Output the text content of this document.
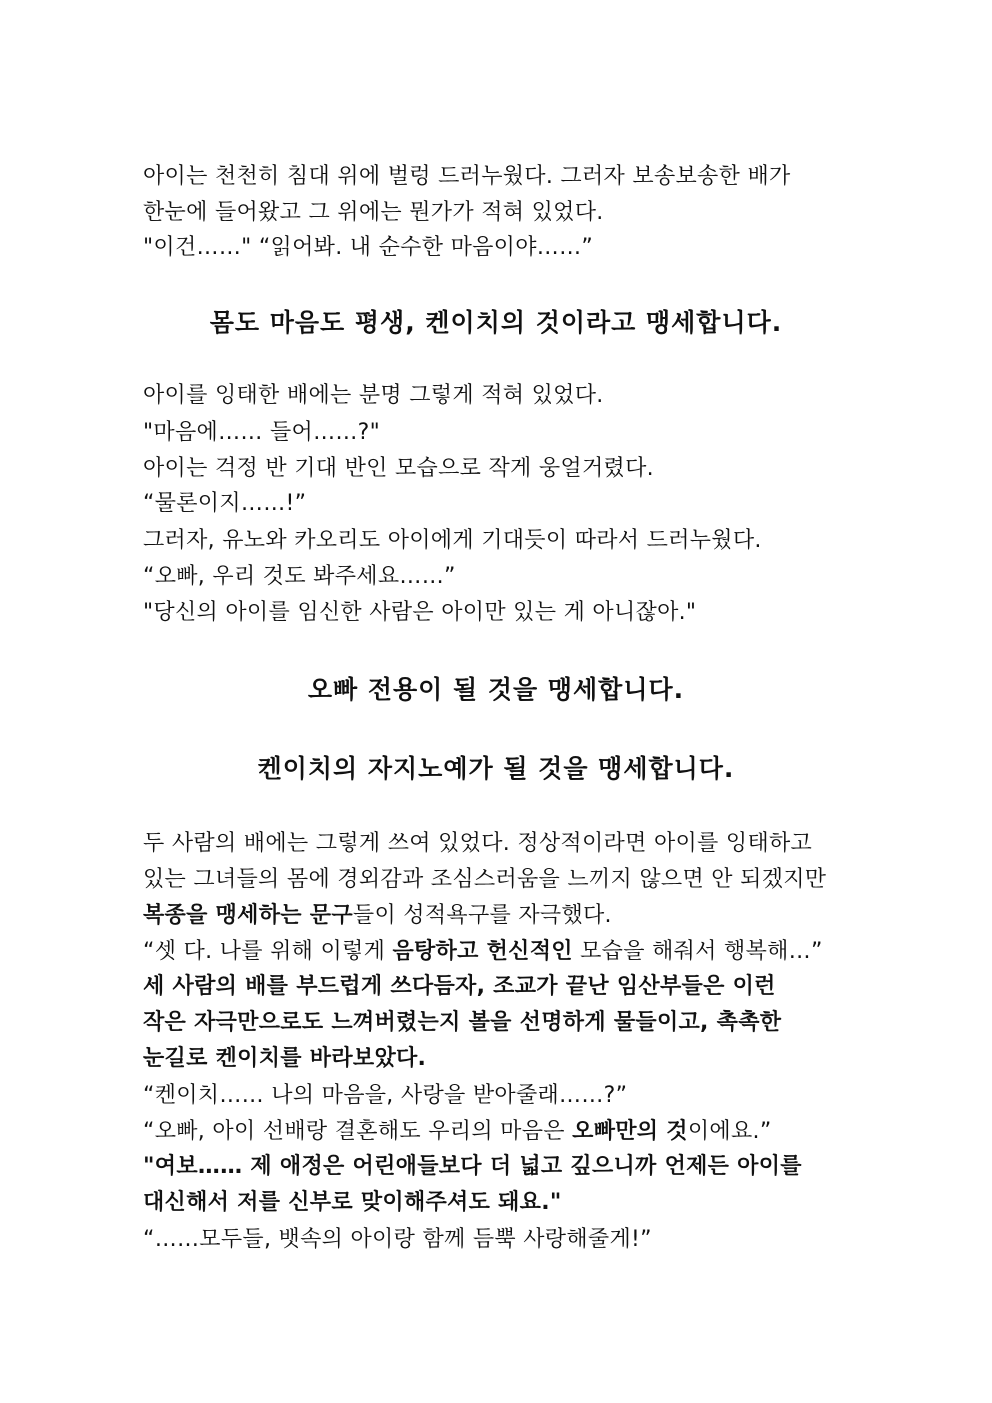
아이는 천천히 침대 위에 벌렁 드러누웠다. 그러자 보송보송한 배가
한눈에 들어왔고 그 위에는 뭔가가 적혀 있었다.
"이건……" “읽어봐. 내 순수한 마음이야……”
몸도 마음도 평생, 켄이치의 것이라고 맹세합니다.
아이를 잉태한 배에는 분명 그렇게 적혀 있었다.
"마음에…… 들어……?"
아이는 걱정 반 기대 반인 모습으로 작게 웅얼거렸다.
“물론이지……!”
그러자, 유노와 카오리도 아이에게 기대듯이 따라서 드러누웠다.
“오빠, 우리 것도 봐주세요……”
"당신의 아이를 임신한 사람은 아이만 있는 게 아니잖아."
오빠 전용이 될 것을 맹세합니다.
켄이치의 자지노예가 될 것을 맹세합니다.
두 사람의 배에는 그렇게 쓰여 있었다. 정상적이라면 아이를 잉태하고
있는 그녀들의 몸에 경외감과 조심스러움을 느끼지 않으면 안 되겠지만
복종을 맹세하는 문구들이 성적욕구를 자극했다.
“셋 다. 나를 위해 이렇게 음탕하고 헌신적인 모습을 해줘서 행복해…”
세 사람의 배를 부드럽게 쓰다듬자, 조교가 끝난 임산부들은 이런
작은 자극만으로도 느껴버렸는지 볼을 선명하게 물들이고, 촉촉한
눈길로 켄이치를 바라보았다.
“켄이치…… 나의 마음을, 사랑을 받아줄래……?”
“오빠, 아이 선배랑 결혼해도 우리의 마음은 오빠만의 것이에요.”
"여보…… 제 애정은 어린애들보다 더 넓고 깊으니까 언제든 아이를
대신해서 저를 신부로 맞이해주셔도 돼요."
“……모두들, 뱃속의 아이랑 함께 듬뿍 사랑해줄게!”
